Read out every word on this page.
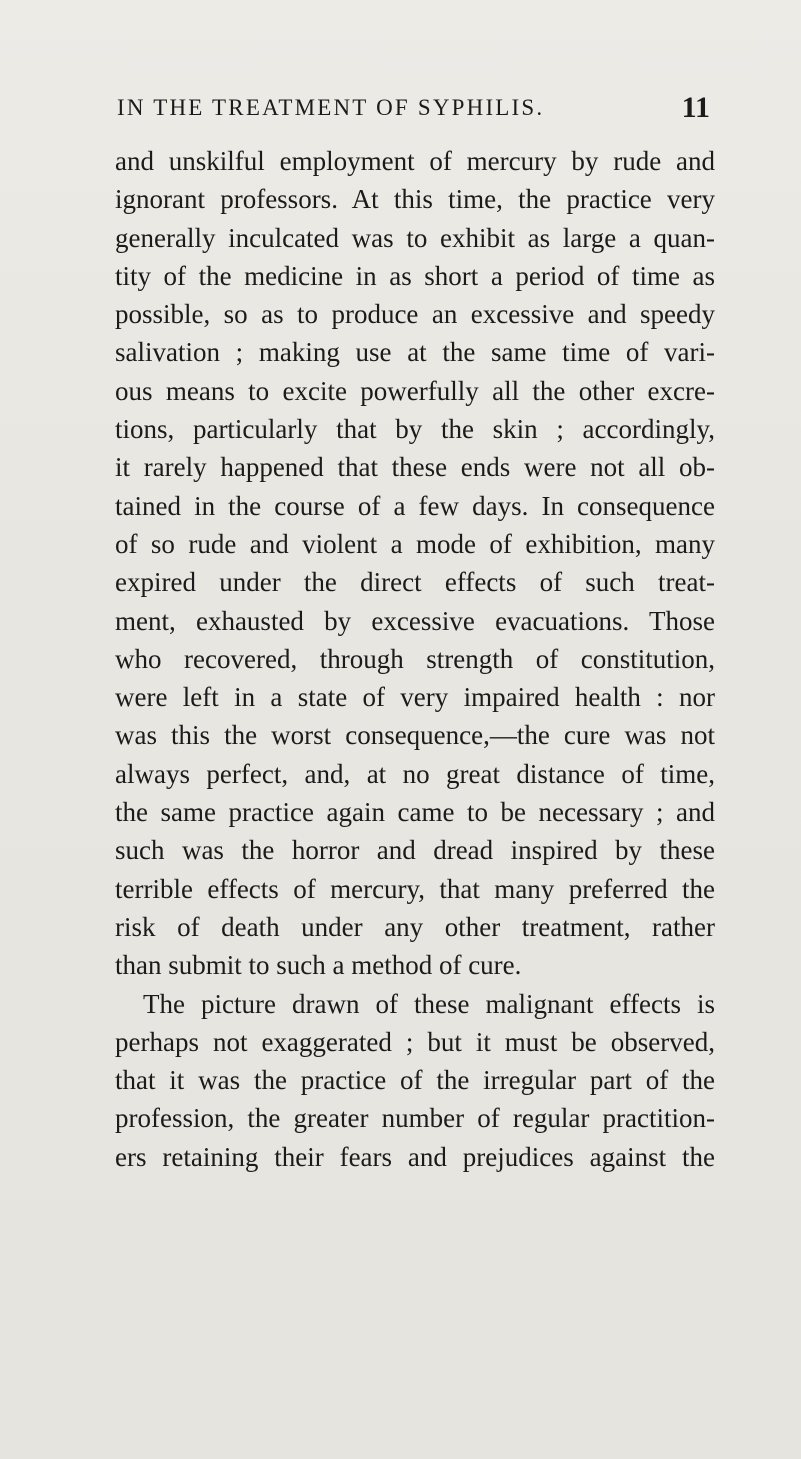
IN THE TREATMENT OF SYPHILIS.	11
and unskilful employment of mercury by rude and
ignorant professors. At this time, the practice very
generally inculcated was to exhibit as large a quan-
tity of the medicine in as short a period of time as
possible, so as to produce an excessive and speedy
salivation ; making use at the same time of vari-
ous means to excite powerfully all the other excre-
tions, particularly that by the skin ; accordingly,
it rarely happened that these ends were not all ob-
tained in the course of a few days. In consequence
of so rude and violent a mode of exhibition, many
expired under the direct effects of such treat-
ment, exhausted by excessive evacuations. Those
who recovered, through strength of constitution,
were left in a state of very impaired health : nor
was this the worst consequence,—the cure was not
always perfect, and, at no great distance of time,
the same practice again came to be necessary ; and
such was the horror and dread inspired by these
terrible effects of mercury, that many preferred the
risk of death under any other treatment, rather
than submit to such a method of cure.
The picture drawn of these malignant effects is
perhaps not exaggerated ; but it must be observed,
that it was the practice of the irregular part of the
profession, the greater number of regular practition-
ers retaining their fears and prejudices against the
